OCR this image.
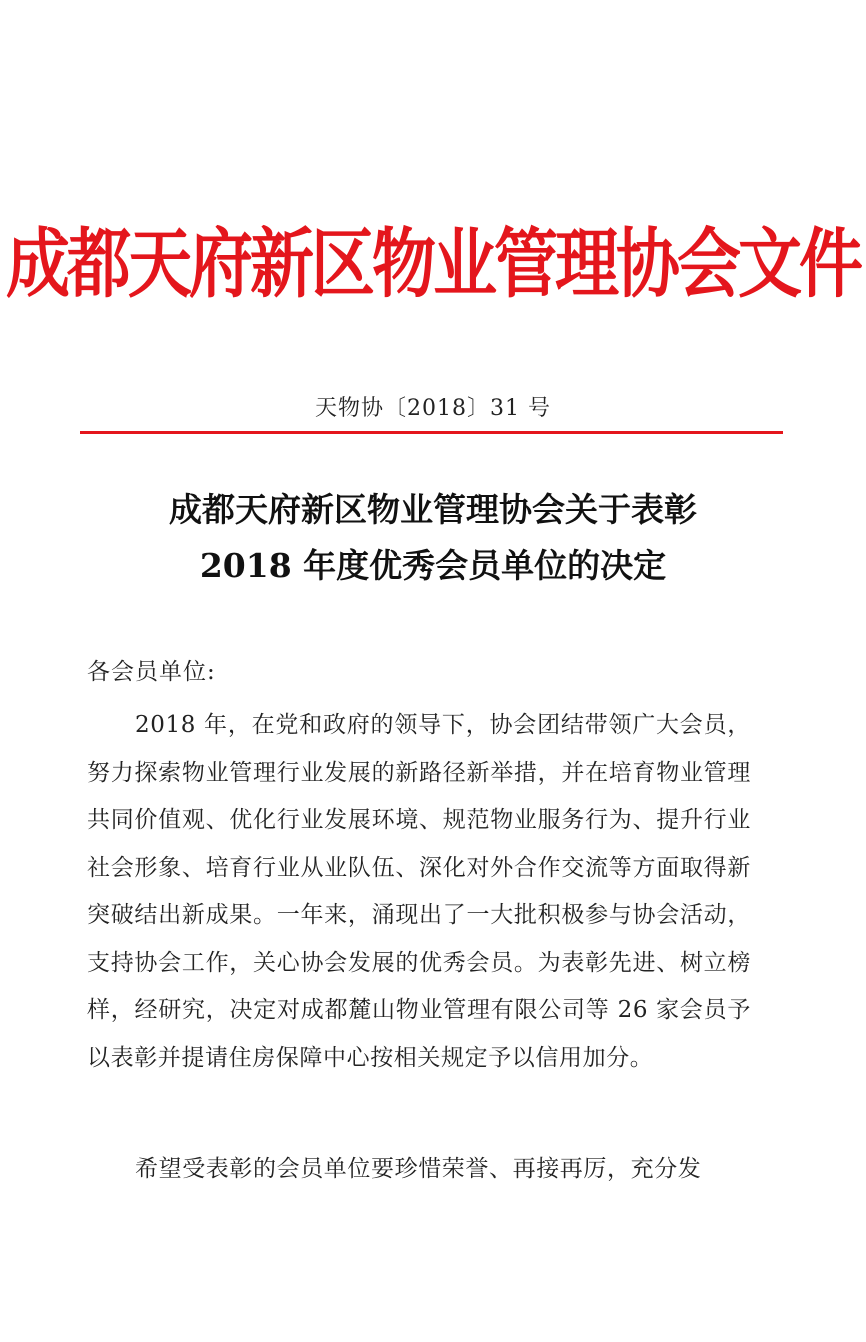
成都天府新区物业管理协会文件
天物协〔2018〕31 号
成都天府新区物业管理协会关于表彰
2018 年度优秀会员单位的决定
各会员单位:

2018 年，在党和政府的领导下，协会团结带领广大会员，努力探索物业管理行业发展的新路径新举措，并在培育物业管理共同价值观、优化行业发展环境、规范物业服务行为、提升行业社会形象、培育行业从业队伍、深化对外合作交流等方面取得新突破结出新成果。一年来，涌现出了一大批积极参与协会活动，支持协会工作，关心协会发展的优秀会员。为表彰先进、树立榜样，经研究，决定对成都麓山物业管理有限公司等 26 家会员予以表彰并提请住房保障中心按相关规定予以信用加分。

希望受表彰的会员单位要珍惜荣誉、再接再厉，充分发
